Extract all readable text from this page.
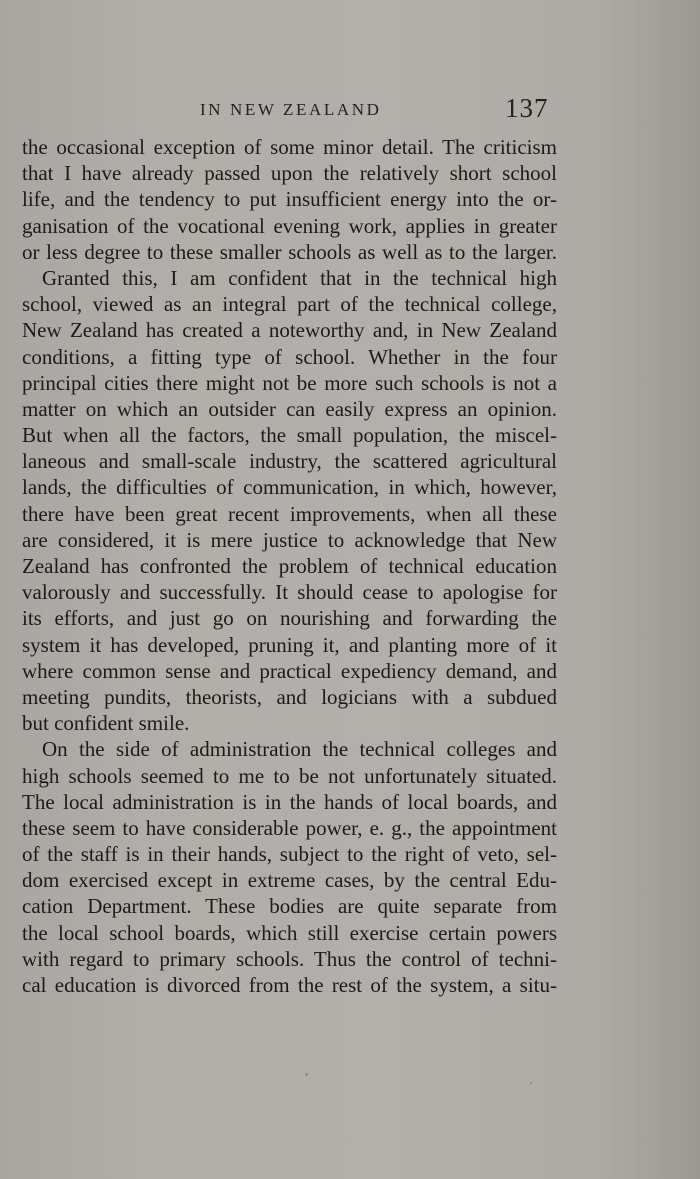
IN NEW ZEALAND	137
the occasional exception of some minor detail. The criticism
that I have already passed upon the relatively short school
life, and the tendency to put insufficient energy into the or-
ganisation of the vocational evening work, applies in greater
or less degree to these smaller schools as well as to the larger.
Granted this, I am confident that in the technical high
school, viewed as an integral part of the technical college,
New Zealand has created a noteworthy and, in New Zealand
conditions, a fitting type of school. Whether in the four
principal cities there might not be more such schools is not a
matter on which an outsider can easily express an opinion.
But when all the factors, the small population, the miscel-
laneous and small-scale industry, the scattered agricultural
lands, the difficulties of communication, in which, however,
there have been great recent improvements, when all these
are considered, it is mere justice to acknowledge that New
Zealand has confronted the problem of technical education
valorously and successfully. It should cease to apologise for
its efforts, and just go on nourishing and forwarding the
system it has developed, pruning it, and planting more of it
where common sense and practical expediency demand, and
meeting pundits, theorists, and logicians with a subdued
but confident smile.
On the side of administration the technical colleges and
high schools seemed to me to be not unfortunately situated.
The local administration is in the hands of local boards, and
these seem to have considerable power, e. g., the appointment
of the staff is in their hands, subject to the right of veto, sel-
dom exercised except in extreme cases, by the central Edu-
cation Department. These bodies are quite separate from
the local school boards, which still exercise certain powers
with regard to primary schools. Thus the control of techni-
cal education is divorced from the rest of the system, a situ-
